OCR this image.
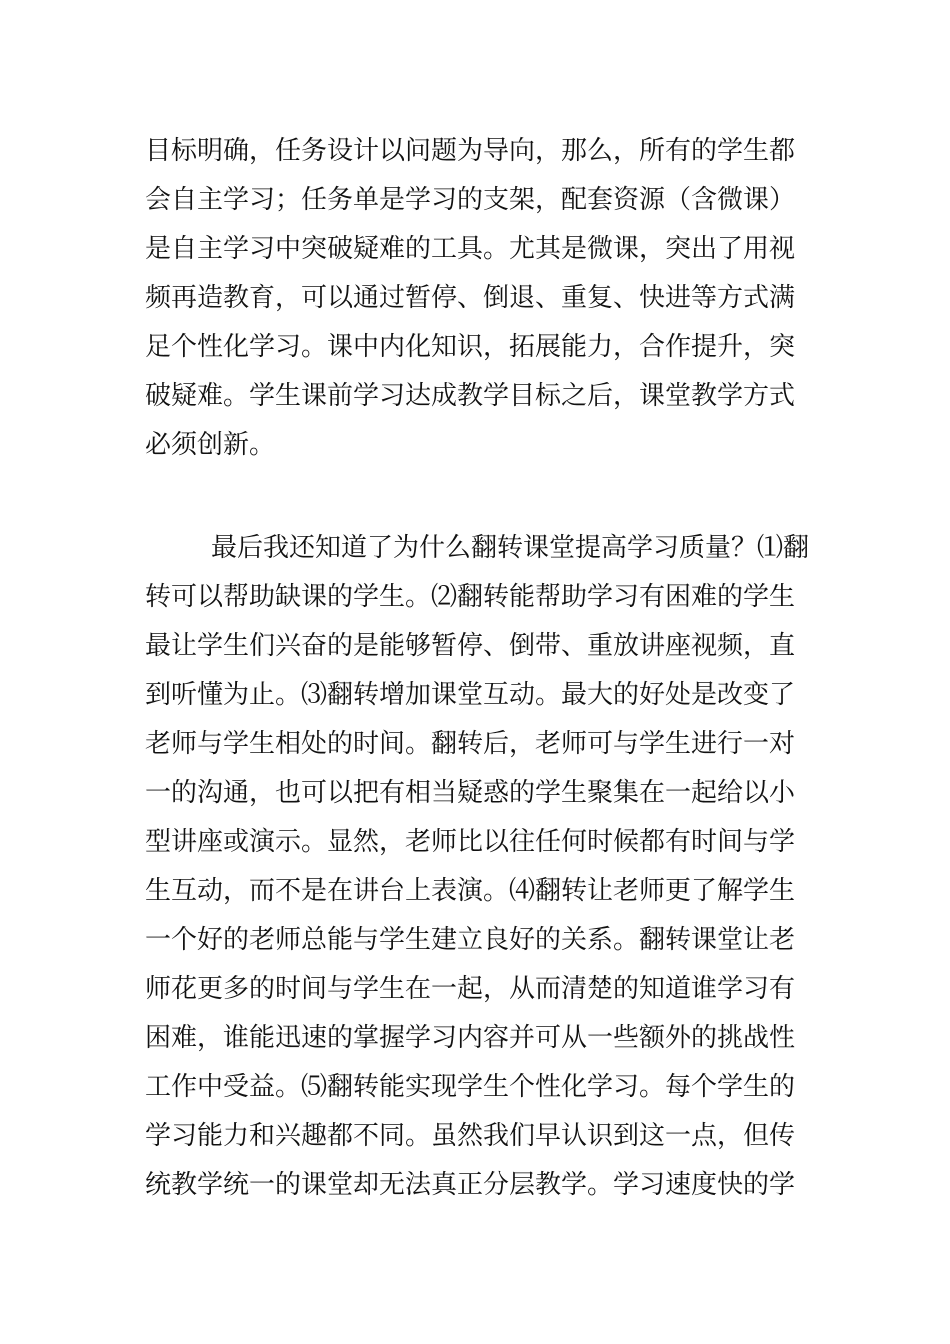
目标明确，任务设计以问题为导向，那么，所有的学生都
会自主学习；任务单是学习的支架，配套资源（含微课）
是自主学习中突破疑难的工具。尤其是微课，突出了用视
频再造教育，可以通过暂停、倒退、重复、快进等方式满
足个性化学习。课中内化知识，拓展能力，合作提升，突
破疑难。学生课前学习达成教学目标之后，课堂教学方式
必须创新。
最后我还知道了为什么翻转课堂提高学习质量？⑴翻
转可以帮助缺课的学生。⑵翻转能帮助学习有困难的学生
最让学生们兴奋的是能够暂停、倒带、重放讲座视频，直
到听懂为止。⑶翻转增加课堂互动。最大的好处是改变了
老师与学生相处的时间。翻转后，老师可与学生进行一对
一的沟通，也可以把有相当疑惑的学生聚集在一起给以小
型讲座或演示。显然，老师比以往任何时候都有时间与学
生互动，而不是在讲台上表演。⑷翻转让老师更了解学生
一个好的老师总能与学生建立良好的关系。翻转课堂让老
师花更多的时间与学生在一起，从而清楚的知道谁学习有
困难，谁能迅速的掌握学习内容并可从一些额外的挑战性
工作中受益。⑸翻转能实现学生个性化学习。每个学生的
学习能力和兴趣都不同。虽然我们早认识到这一点，但传
统教学统一的课堂却无法真正分层教学。学习速度快的学
